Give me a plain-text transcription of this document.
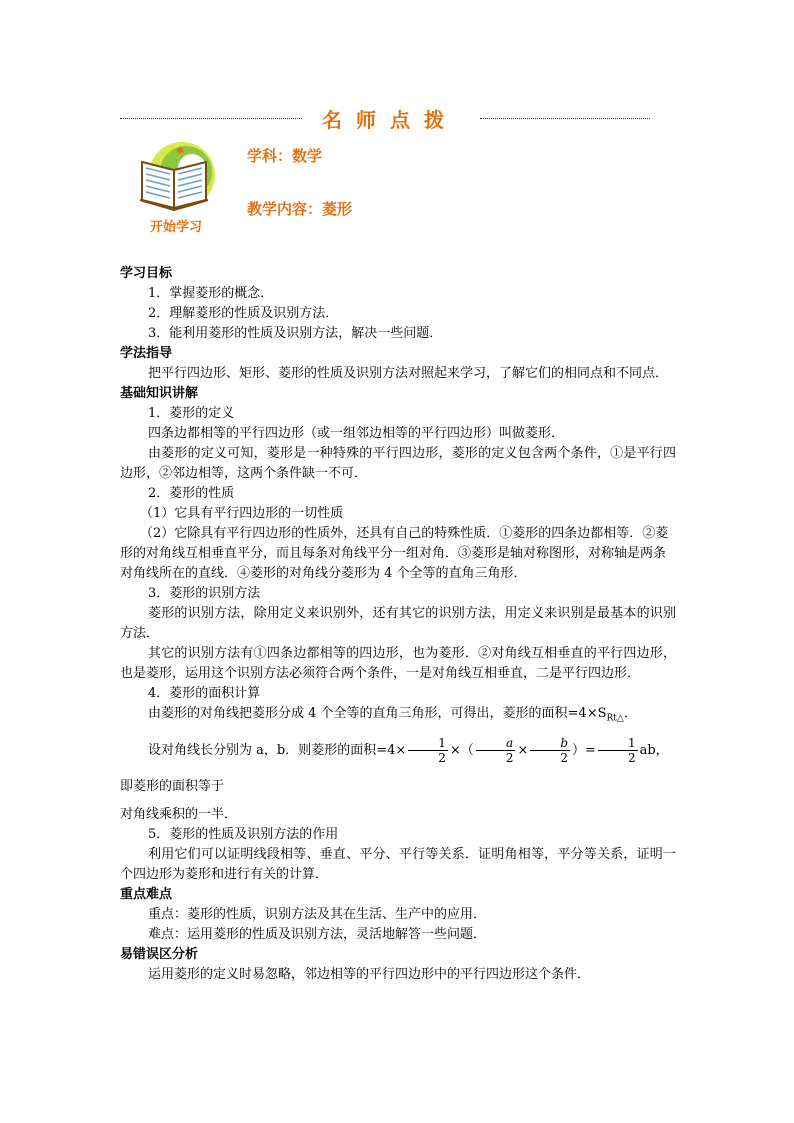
名师点拨
✱
开始学习
学科：数学
教学内容：菱形

学习目标

1．掌握菱形的概念．

2．理解菱形的性质及识别方法．

3．能利用菱形的性质及识别方法，解决一些问题．

学法指导

把平行四边形、矩形、菱形的性质及识别方法对照起来学习，了解它们的相同点和不同点．

基础知识讲解

1．菱形的定义

四条边都相等的平行四边形（或一组邻边相等的平行四边形）叫做菱形．

由菱形的定义可知，菱形是一种特殊的平行四边形，菱形的定义包含两个条件，①是平行四边形，②邻边相等，这两个条件缺一不可．

2．菱形的性质

（1）它具有平行四边形的一切性质

（2）它除具有平行四边形的性质外，还具有自己的特殊性质．①菱形的四条边都相等．②菱形的对角线互相垂直平分，而且每条对角线平分一组对角．③菱形是轴对称图形，对称轴是两条对角线所在的直线．④菱形的对角线分菱形为 4 个全等的直角三角形．

3．菱形的识别方法

菱形的识别方法，除用定义来识别外，还有其它的识别方法，用定义来识别是最基本的识别方法．

其它的识别方法有①四条边都相等的四边形，也为菱形．②对角线互相垂直的平行四边形，也是菱形，运用这个识别方法必须符合两个条件，一是对角线互相垂直，二是平行四边形．

4．菱形的面积计算

由菱形的对角线把菱形分成 4 个全等的直角三角形，可得出，菱形的面积$=4\times S_{Rt\triangle}$．

设对角线长分别为 a，b．则菱形的面积$=4\times \frac{1}{2}$ ×（ $\frac{a}{2} \times \frac{b}{2}$ ）= $\frac{1}{2}$ ab，即菱形的面积等于

对角线乘积的一半．

5．菱形的性质及识别方法的作用

利用它们可以证明线段相等、垂直、平分、平行等关系．证明角相等，平分等关系，证明一个四边形为菱形和进行有关的计算．

重点难点

重点：菱形的性质，识别方法及其在生活、生产中的应用．

难点：运用菱形的性质及识别方法，灵活地解答一些问题．

易错误区分析

运用菱形的定义时易忽略，邻边相等的平行四边形中的平行四边形这个条件．
